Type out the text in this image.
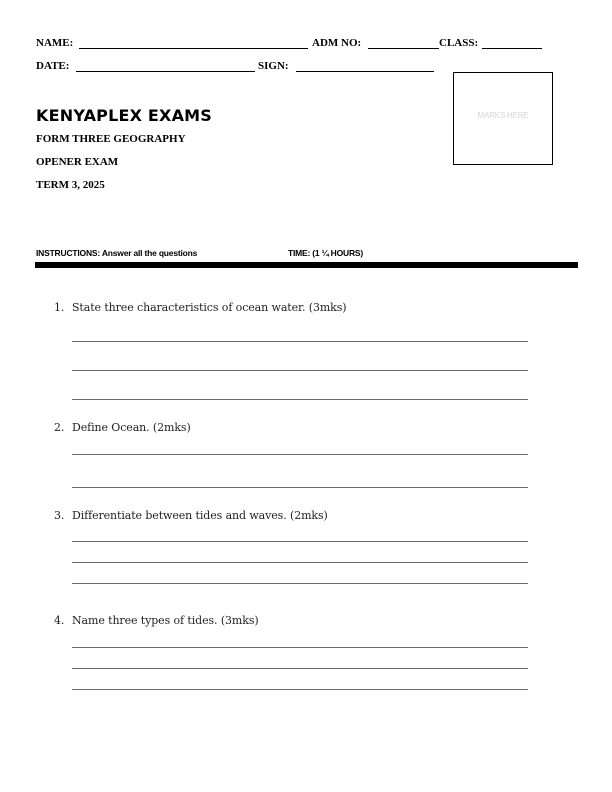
NAME:	ADM NO:	CLASS:
DATE:	SIGN:
MARKS HERE
KENYAPLEX EXAMS
FORM THREE GEOGRAPHY
OPENER EXAM
TERM 3, 2025
INSTRUCTIONS: Answer all the questions	TIME: (1 ¼ HOURS)
1. State three characteristics of ocean water. (3mks)
2. Define Ocean. (2mks)
3. Differentiate between tides and waves. (2mks)
4. Name three types of tides. (3mks)
